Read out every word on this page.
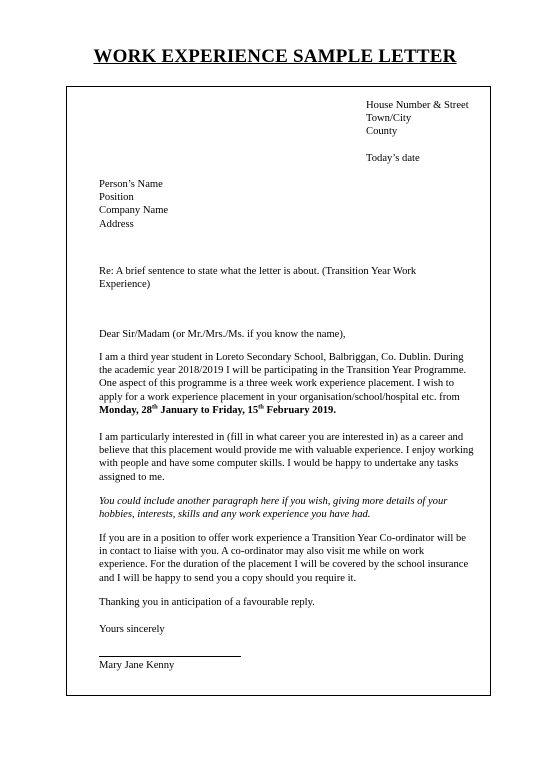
WORK EXPERIENCE SAMPLE LETTER
House Number & Street
Town/City
County
Today’s date
Person’s Name
Position
Company Name
Address

Re: A brief sentence to state what the letter is about. (Transition Year Work Experience)

Dear Sir/Madam (or Mr./Mrs./Ms. if you know the name),

I am a third year student in Loreto Secondary School, Balbriggan, Co. Dublin. During the academic year 2018/2019 I will be participating in the Transition Year Programme. One aspect of this programme is a three week work experience placement. I wish to apply for a work experience placement in your organisation/school/hospital etc. from Monday, 28th January to Friday, 15th February 2019.

I am particularly interested in (fill in what career you are interested in) as a career and believe that this placement would provide me with valuable experience. I enjoy working with people and have some computer skills. I would be happy to undertake any tasks assigned to me.

You could include another paragraph here if you wish, giving more details of your hobbies, interests, skills and any work experience you have had.

If you are in a position to offer work experience a Transition Year Co-ordinator will be in contact to liaise with you. A co-ordinator may also visit me while on work experience. For the duration of the placement I will be covered by the school insurance and I will be happy to send you a copy should you require it.

Thanking you in anticipation of a favourable reply.

Yours sincerely

Mary Jane Kenny
